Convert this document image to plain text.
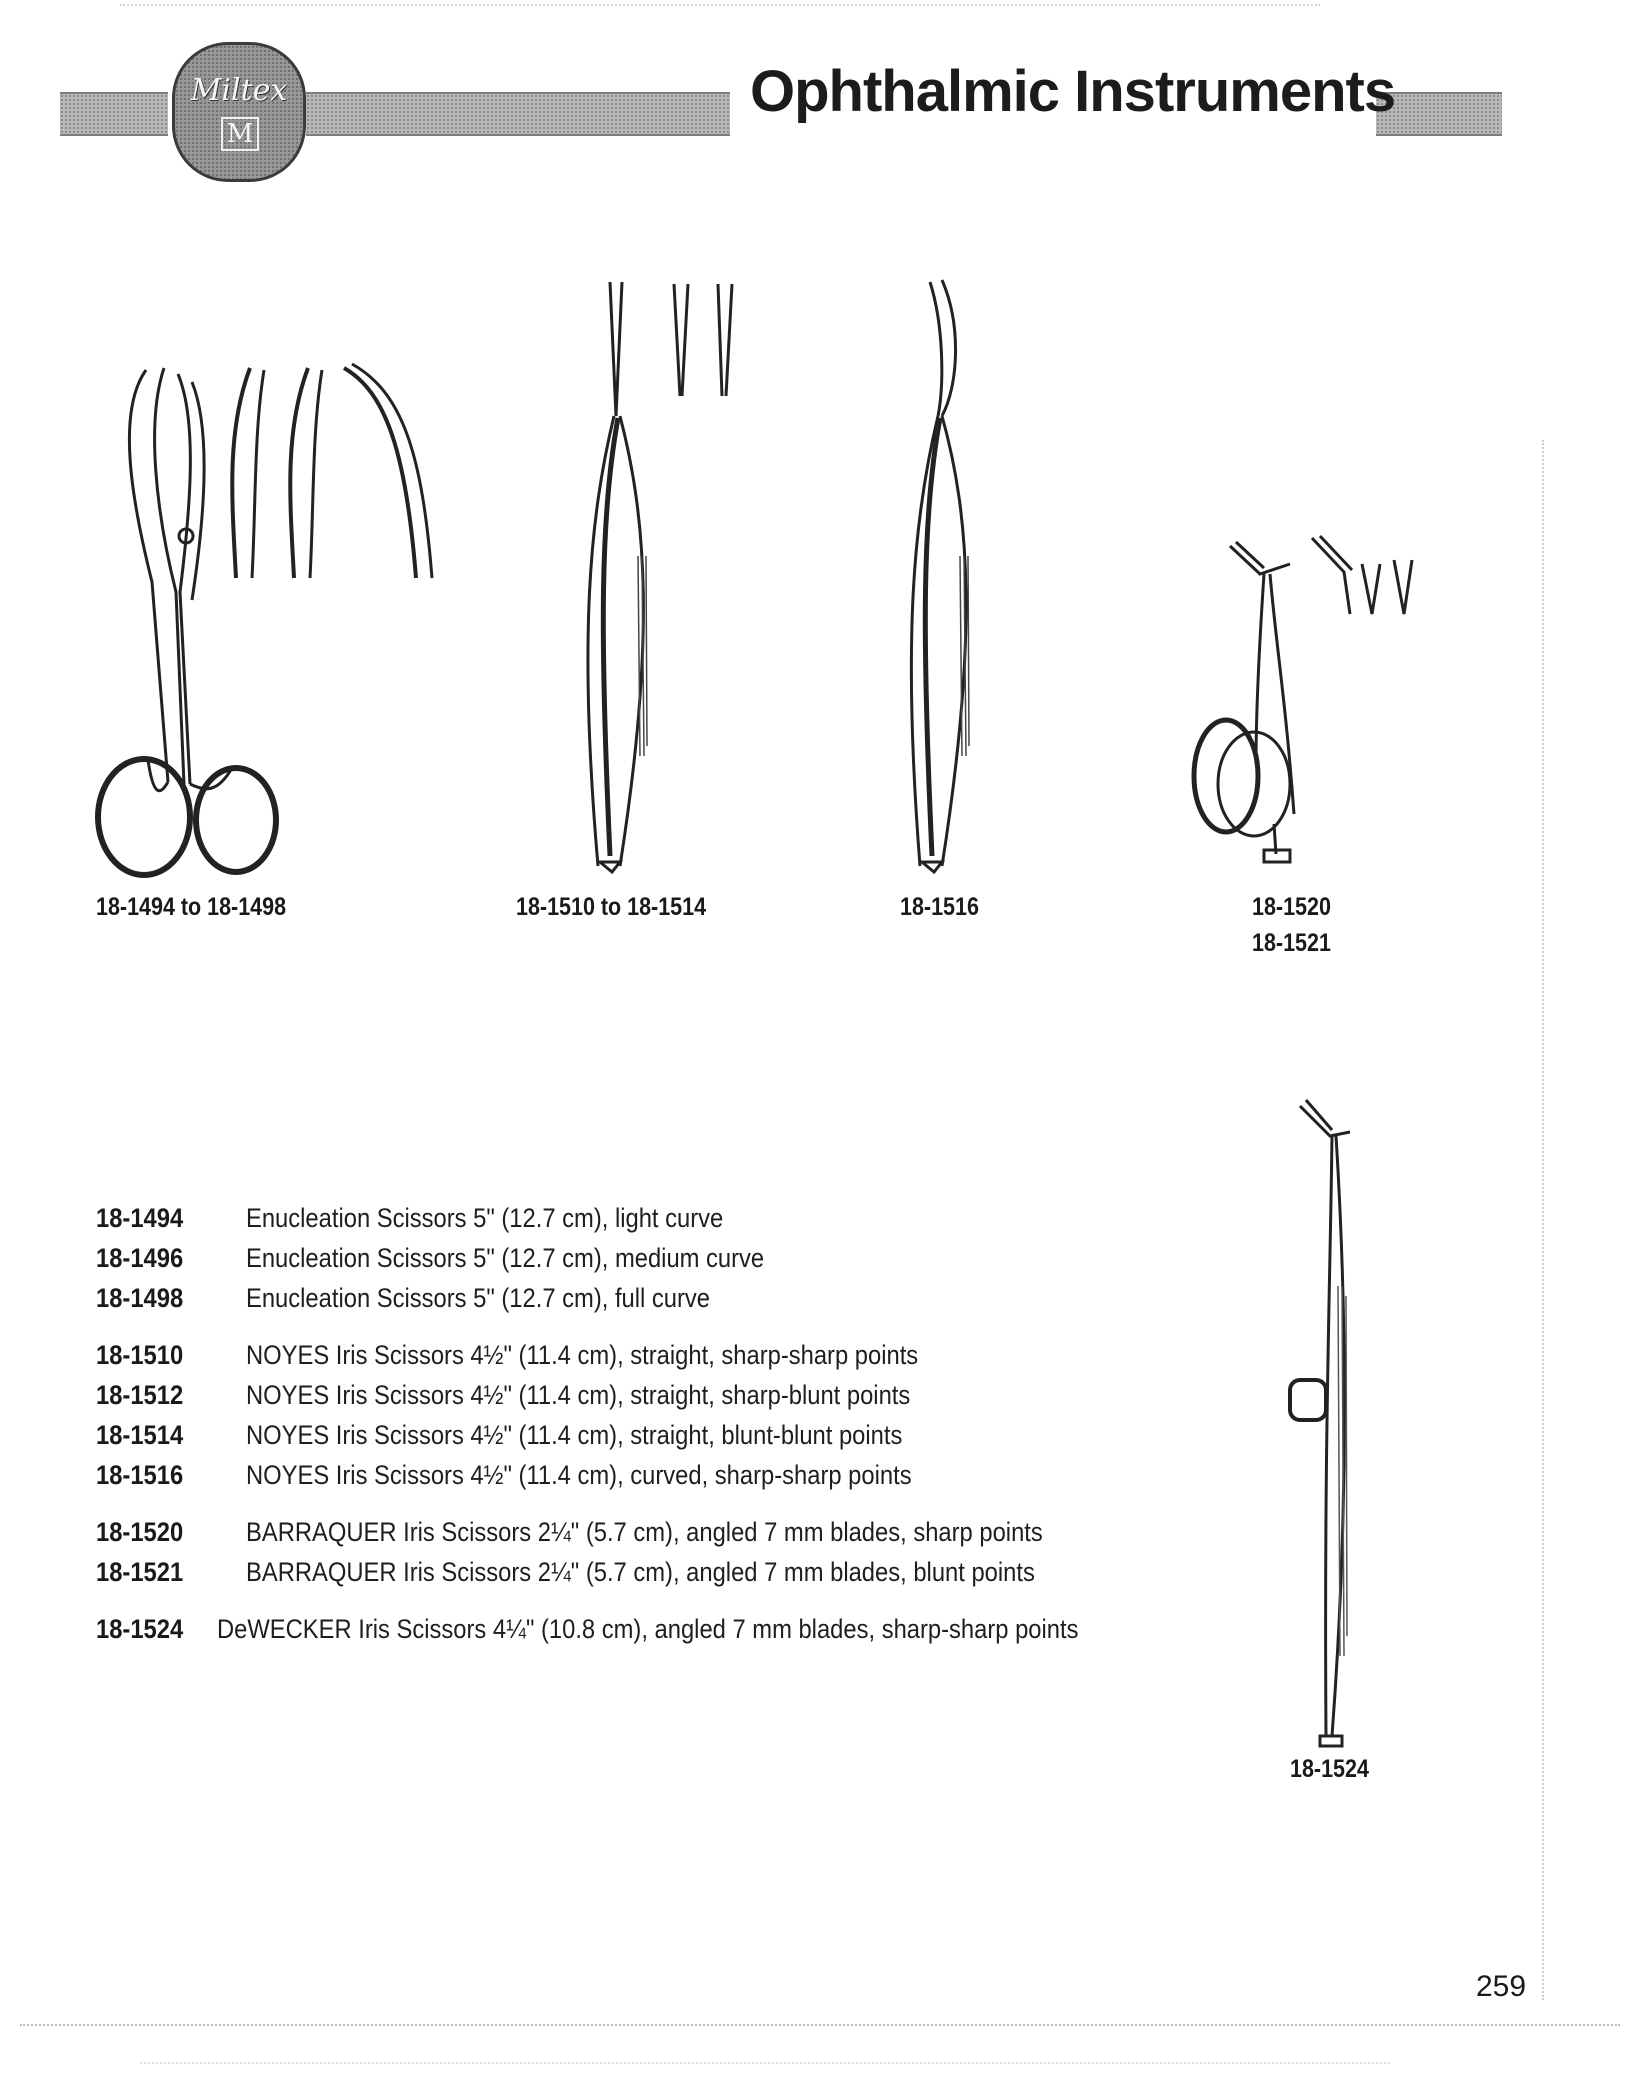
Miltex
M
Ophthalmic Instruments
18-1494 to 18-1498	18-1510 to 18-1514	18-1516	18-1520
18-1521
18-1524
18-1494	Enucleation Scissors 5" (12.7 cm), light curve
18-1496	Enucleation Scissors 5" (12.7 cm), medium curve
18-1498	Enucleation Scissors 5" (12.7 cm), full curve
18-1510	NOYES Iris Scissors 4½" (11.4 cm), straight, sharp-sharp points
18-1512	NOYES Iris Scissors 4½" (11.4 cm), straight, sharp-blunt points
18-1514	NOYES Iris Scissors 4½" (11.4 cm), straight, blunt-blunt points
18-1516	NOYES Iris Scissors 4½" (11.4 cm), curved, sharp-sharp points
18-1520	BARRAQUER Iris Scissors 2¼" (5.7 cm), angled 7 mm blades, sharp points
18-1521	BARRAQUER Iris Scissors 2¼" (5.7 cm), angled 7 mm blades, blunt points
18-1524	DeWECKER Iris Scissors 4¼" (10.8 cm), angled 7 mm blades, sharp-sharp points
259
